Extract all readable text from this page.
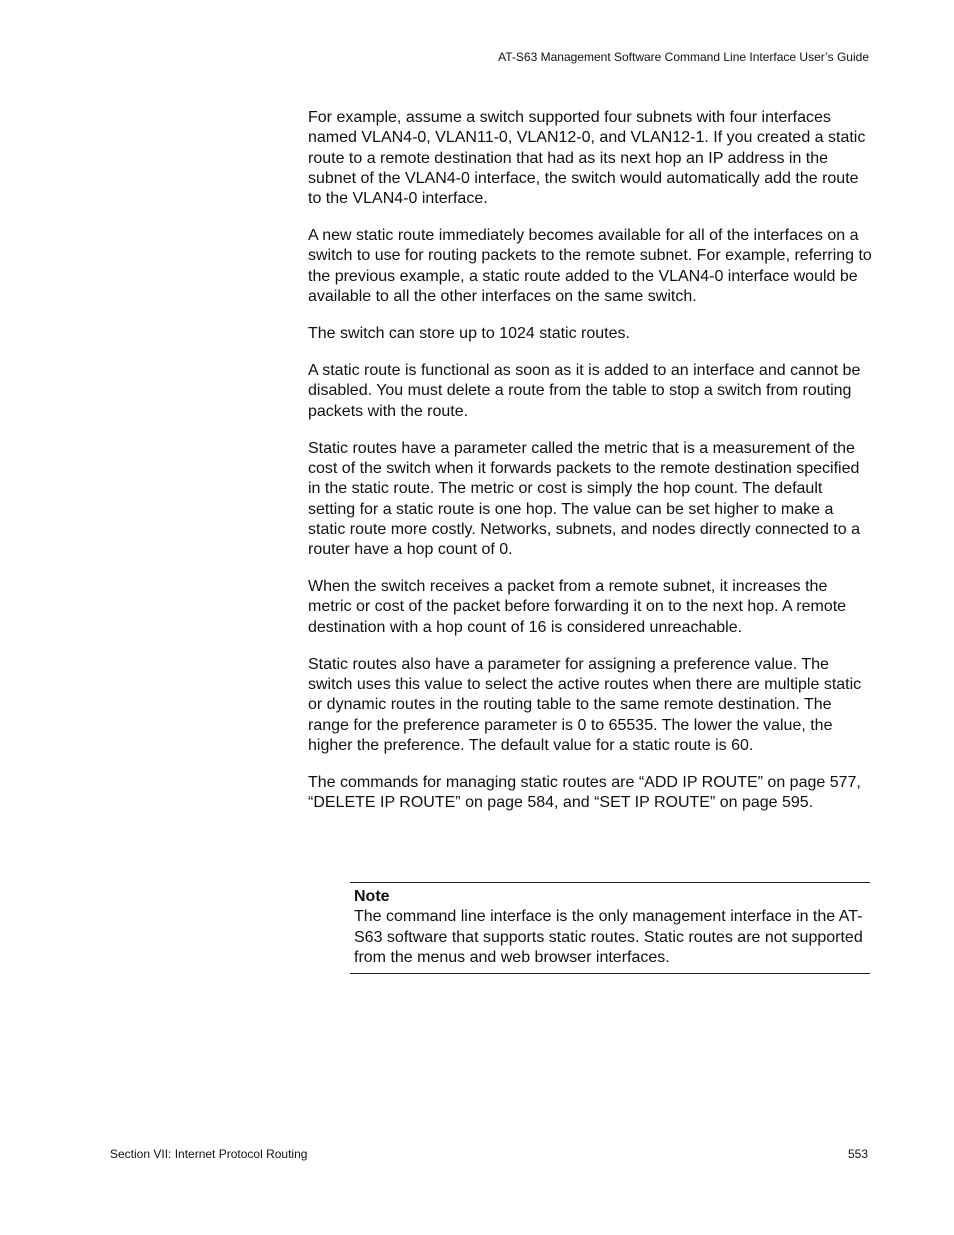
AT-S63 Management Software Command Line Interface User’s Guide

For example, assume a switch supported four subnets with four interfaces named VLAN4-0, VLAN11-0, VLAN12-0, and VLAN12-1. If you created a static route to a remote destination that had as its next hop an IP address in the subnet of the VLAN4-0 interface, the switch would automatically add the route to the VLAN4-0 interface.

A new static route immediately becomes available for all of the interfaces on a switch to use for routing packets to the remote subnet. For example, referring to the previous example, a static route added to the VLAN4-0 interface would be available to all the other interfaces on the same switch.

The switch can store up to 1024 static routes.

A static route is functional as soon as it is added to an interface and cannot be disabled. You must delete a route from the table to stop a switch from routing packets with the route.

Static routes have a parameter called the metric that is a measurement of the cost of the switch when it forwards packets to the remote destination specified in the static route. The metric or cost is simply the hop count. The default setting for a static route is one hop. The value can be set higher to make a static route more costly. Networks, subnets, and nodes directly connected to a router have a hop count of 0.

When the switch receives a packet from a remote subnet, it increases the metric or cost of the packet before forwarding it on to the next hop. A remote destination with a hop count of 16 is considered unreachable.

Static routes also have a parameter for assigning a preference value. The switch uses this value to select the active routes when there are multiple static or dynamic routes in the routing table to the same remote destination. The range for the preference parameter is 0 to 65535. The lower the value, the higher the preference. The default value for a static route is 60.

The commands for managing static routes are “ADD IP ROUTE” on page 577, “DELETE IP ROUTE” on page 584, and “SET IP ROUTE” on page 595.

Note
The command line interface is the only management interface in the AT-S63 software that supports static routes. Static routes are not supported from the menus and web browser interfaces.
Section VII: Internet Protocol Routing	553
